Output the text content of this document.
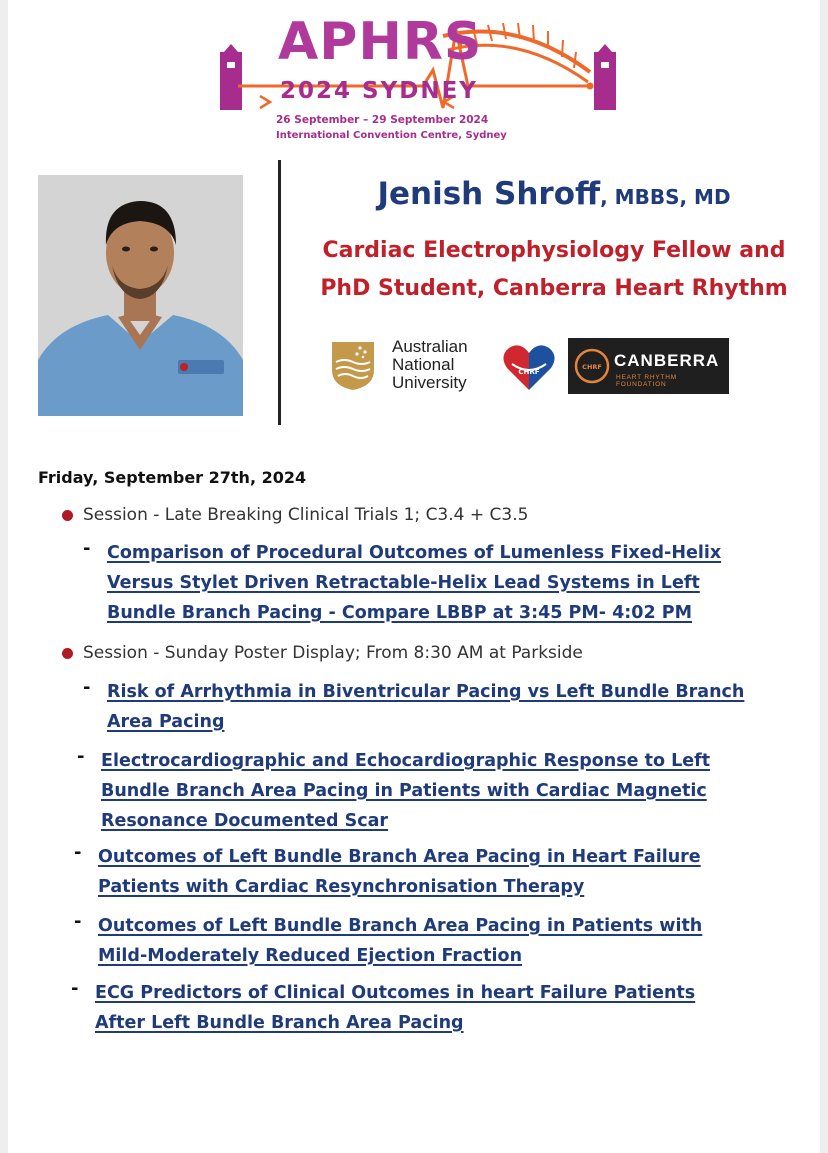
APHRS
2024 SYDNEY
26 September – 29 September 2024
International Convention Centre, Sydney
Jenish Shroff, MBBS, MD
Cardiac Electrophysiology Fellow and
PhD Student, Canberra Heart Rhythm
Australian
National
University
CHRF
CHRF CANBERRA
HEART RHYTHM FOUNDATION
Friday, September 27th, 2024
Session - Late Breaking Clinical Trials 1; C3.4 + C3.5
- Comparison of Procedural Outcomes of Lumenless Fixed-Helix
Versus Stylet Driven Retractable-Helix Lead Systems in Left
Bundle Branch Pacing - Compare LBBP at 3:45 PM- 4:02 PM
Session - Sunday Poster Display; From 8:30 AM at Parkside
- Risk of Arrhythmia in Biventricular Pacing vs Left Bundle Branch
Area Pacing
- Electrocardiographic and Echocardiographic Response to Left
Bundle Branch Area Pacing in Patients with Cardiac Magnetic
Resonance Documented Scar
- Outcomes of Left Bundle Branch Area Pacing in Heart Failure
Patients with Cardiac Resynchronisation Therapy
- Outcomes of Left Bundle Branch Area Pacing in Patients with
Mild-Moderately Reduced Ejection Fraction
- ECG Predictors of Clinical Outcomes in heart Failure Patients
After Left Bundle Branch Area Pacing
